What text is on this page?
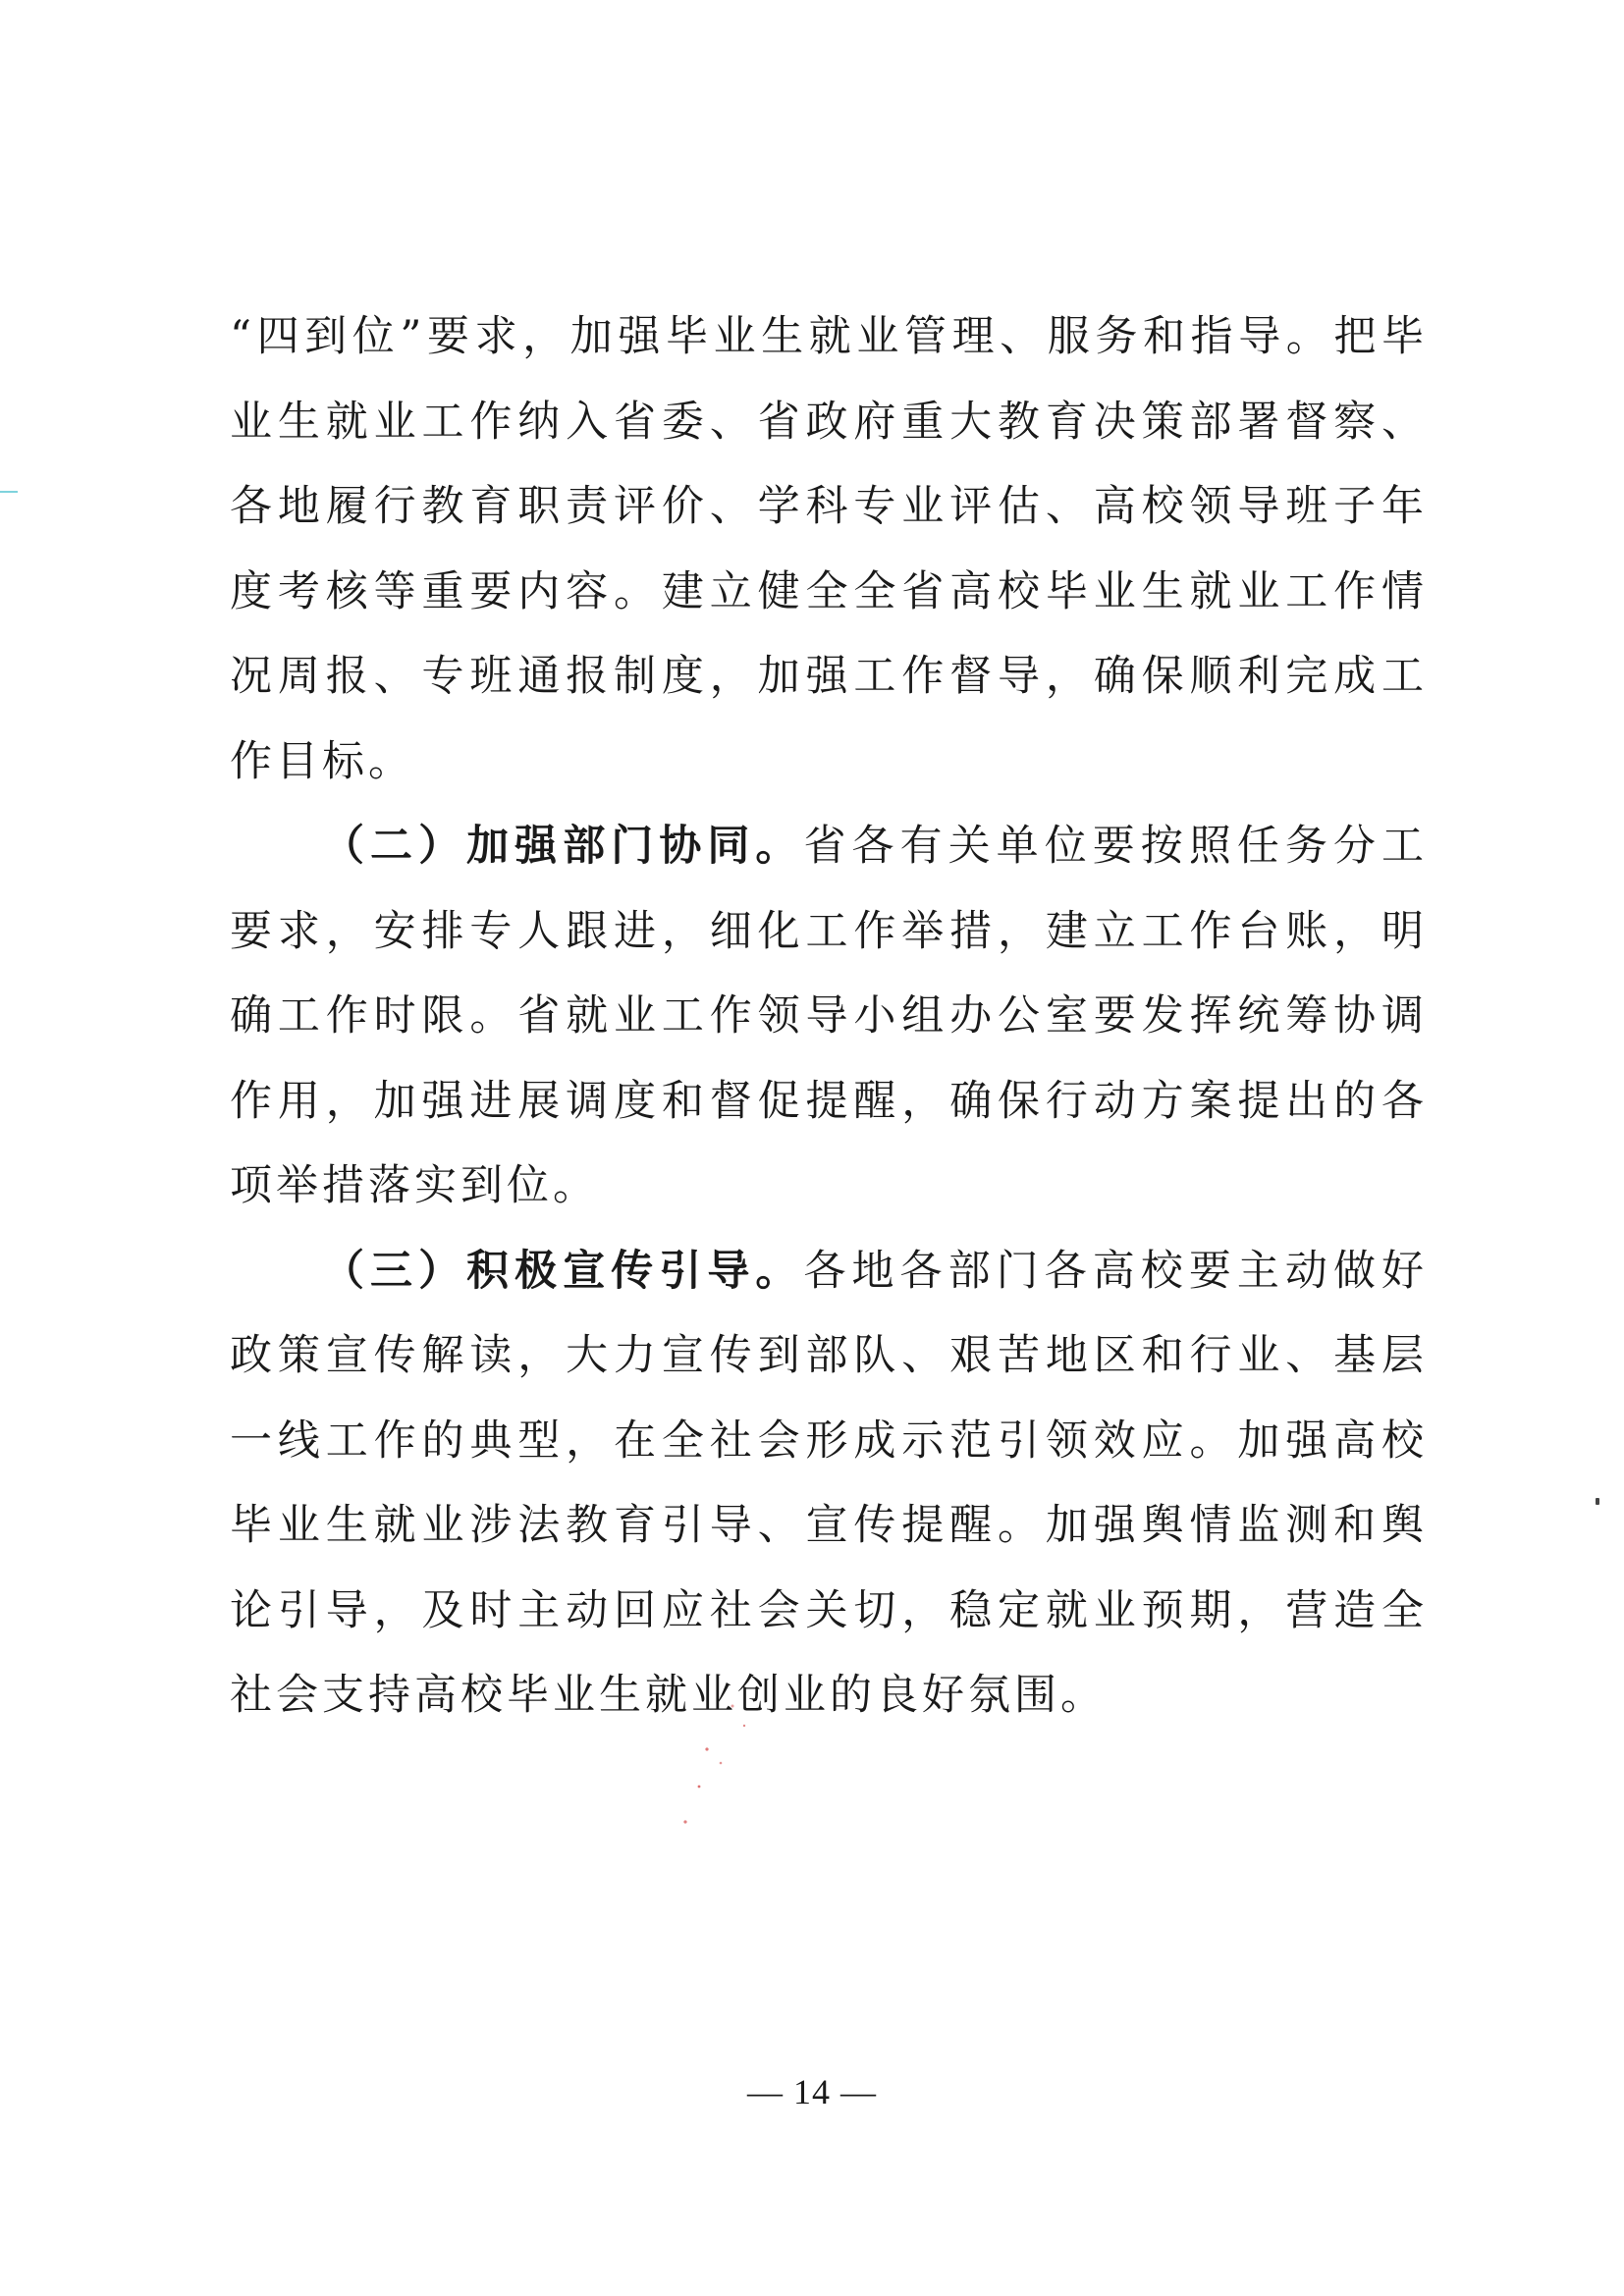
“四到位”要求，加强毕业生就业管理、服务和指导。把毕业生就业工作纳入省委、省政府重大教育决策部署督察、各地履行教育职责评价、学科专业评估、高校领导班子年度考核等重要内容。建立健全全省高校毕业生就业工作情况周报、专班通报制度，加强工作督导，确保顺利完成工作目标。

（二）加强部门协同。省各有关单位要按照任务分工要求，安排专人跟进，细化工作举措，建立工作台账，明确工作时限。省就业工作领导小组办公室要发挥统筹协调作用，加强进展调度和督促提醒，确保行动方案提出的各项举措落实到位。

（三）积极宣传引导。各地各部门各高校要主动做好政策宣传解读，大力宣传到部队、艰苦地区和行业、基层一线工作的典型，在全社会形成示范引领效应。加强高校毕业生就业涉法教育引导、宣传提醒。加强舆情监测和舆论引导，及时主动回应社会关切，稳定就业预期，营造全社会支持高校毕业生就业创业的良好氛围。

— 14 —
